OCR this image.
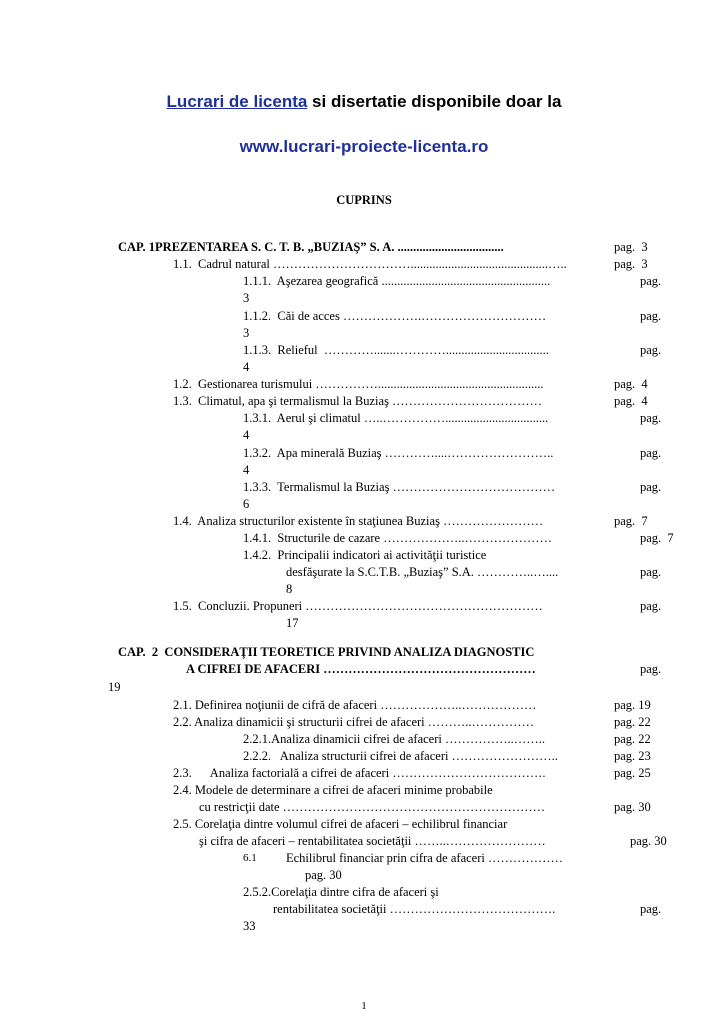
Lucrari de licenta si disertatie disponibile doar la
www.lucrari-proiecte-licenta.ro
CUPRINS
CAP. 1PREZENTAREA S. C. T. B. „BUZIAŞ” S. A. ..................................	pag.  3
1.1.  Cadrul natural ……………………………............................................…..	pag.  3
1.1.1.  Aşezarea geografică ......................................................	pag.
3
1.1.2.  Căi de acces ……………….…………………………	pag.
3
1.1.3.  Relieful  ………….......………….................................	pag.
4
1.2.  Gestionarea turismului …………….....................................................	pag.  4
1.3.  Climatul, apa şi termalismul la Buziaş ………………………………	pag.  4
1.3.1.  Aerul şi climatul …..…………….................................	pag.
4
1.3.2.  Apa minerală Buziaş …………....……………………..	pag.
4
1.3.3.  Termalismul la Buziaş …………………………………	pag.
6
1.4.  Analiza structurilor existente în staţiunea Buziaş ……………………	pag.  7
1.4.1.  Structurile de cazare ………………..…………………	pag.  7
1.4.2.  Principalii indicatori ai activităţii turistice
desfăşurate la S.C.T.B. „Buziaş” S.A. …………..…....	pag.
8
1.5.  Concluzii. Propuneri …………………………………………………	pag.
17
CAP.  2  CONSIDERAŢII TEORETICE PRIVIND ANALIZA DIAGNOSTIC
A CIFREI DE AFACERI ……………………………………………	pag.
19
2.1. Definirea noţiunii de cifră de afaceri ………………..………………	pag. 19
2.2. Analiza dinamicii şi structurii cifrei de afaceri ………..……………	pag. 22
2.2.1.Analiza dinamicii cifrei de afaceri ……………..……..	pag. 22
2.2.2.   Analiza structurii cifrei de afaceri ……………………..	pag. 23
2.3.      Analiza factorială a cifrei de afaceri ……………………………….	pag. 25
2.4. Modele de determinare a cifrei de afaceri minime probabile
cu restricţii date ………………………………………………………	pag. 30
2.5. Corelaţia dintre volumul cifrei de afaceri – echilibrul financiar
şi cifra de afaceri – rentabilitatea societăţii ……..……………………	pag. 30
6.1 Echilibrul financiar prin cifra de afaceri ………………
pag. 30
2.5.2.Corelaţia dintre cifra de afaceri şi
rentabilitatea societăţii ………………………………….	pag.
33
1
